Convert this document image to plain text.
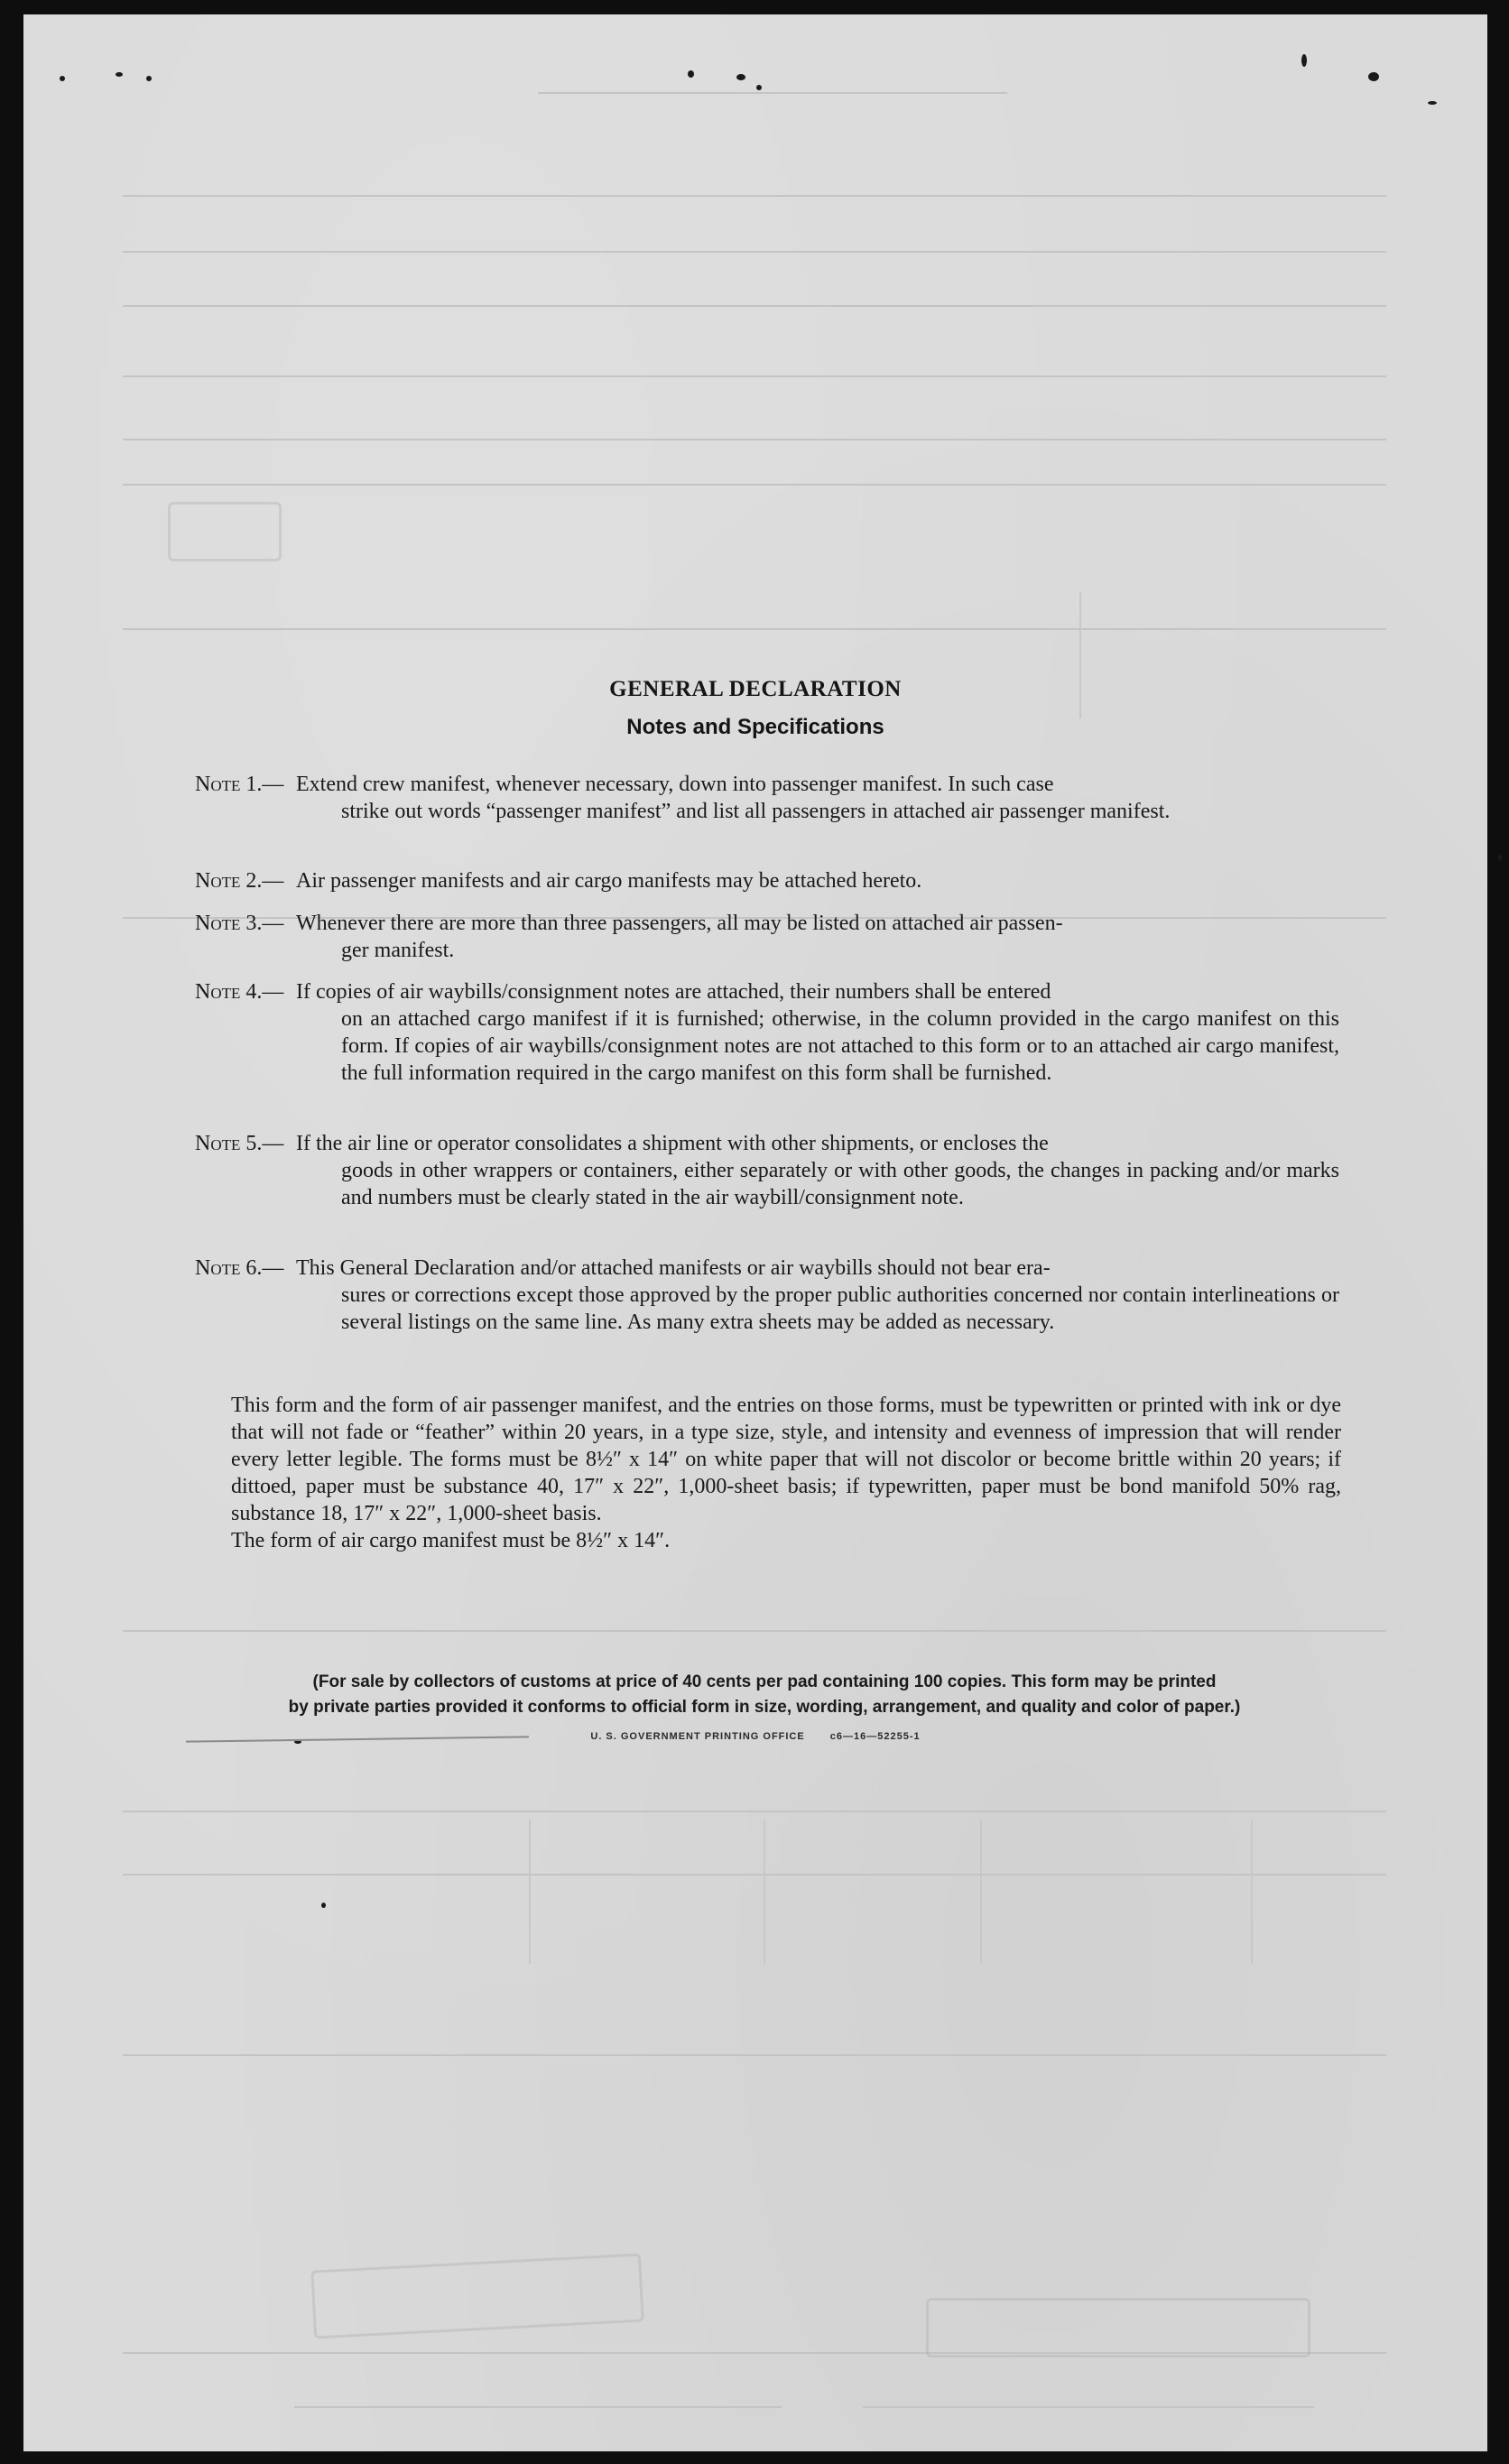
GENERAL DECLARATION
Notes and Specifications
Note 1.— Extend crew manifest, whenever necessary, down into passenger manifest. In such case
strike out words “passenger manifest” and list all passengers in attached air passenger manifest.
Note 2.— Air passenger manifests and air cargo manifests may be attached hereto.
Note 3.— Whenever there are more than three passengers, all may be listed on attached air passen-
ger manifest.
Note 4.— If copies of air waybills/consignment notes are attached, their numbers shall be entered
on an attached cargo manifest if it is furnished; otherwise, in the column provided in the cargo manifest on this form. If copies of air waybills/consignment notes are not attached to this form or to an attached air cargo manifest, the full information required in the cargo manifest on this form shall be furnished.
Note 5.— If the air line or operator consolidates a shipment with other shipments, or encloses the
goods in other wrappers or containers, either separately or with other goods, the changes in packing and/or marks and numbers must be clearly stated in the air waybill/consignment note.
Note 6.— This General Declaration and/or attached manifests or air waybills should not bear era-
sures or corrections except those approved by the proper public authorities concerned nor contain interlineations or several listings on the same line. As many extra sheets may be added as necessary.
This form and the form of air passenger manifest, and the entries on those forms, must be typewritten or printed with ink or dye that will not fade or “feather” within 20 years, in a type size, style, and intensity and evenness of impression that will render every letter legible. The forms must be 8½″ x 14″ on white paper that will not discolor or become brittle within 20 years; if dittoed, paper must be substance 40, 17″ x 22″, 1,000-sheet basis; if typewritten, paper must be bond manifold 50% rag, substance 18, 17″ x 22″, 1,000-sheet basis.
The form of air cargo manifest must be 8½″ x 14″.
(For sale by collectors of customs at price of 40 cents per pad containing 100 copies. This form may be printed
by private parties provided it conforms to official form in size, wording, arrangement, and quality and color of paper.)
U. S. GOVERNMENT PRINTING OFFICE	c6—16—52255-1
